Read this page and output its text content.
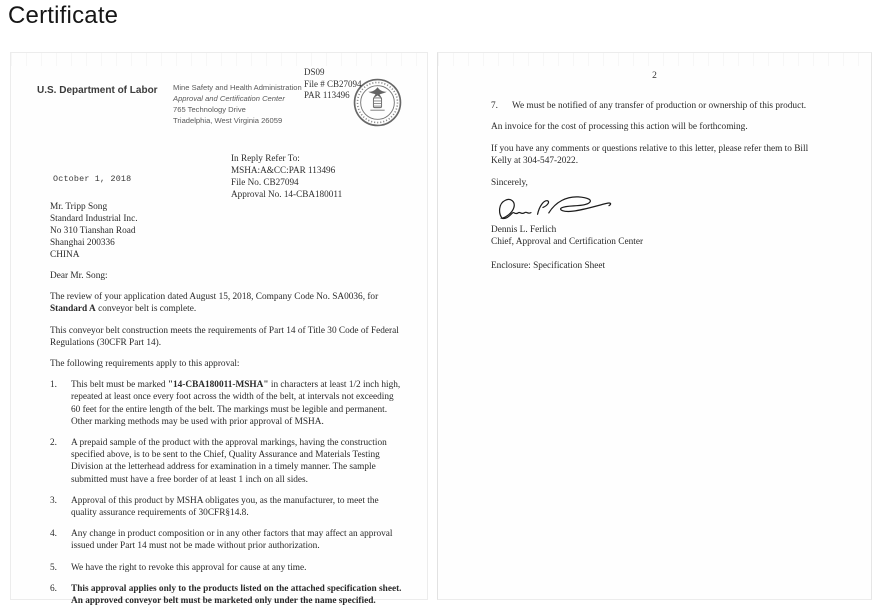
Certificate
U.S. Department of Labor Mine Safety and Health Administration
Approval and Certification Center
765 Technology Drive
Triadelphia, West Virginia 26059
DS09
File # CB27094
PAR 113496
In Reply Refer To:
MSHA:A&CC:PAR 113496
File No. CB27094
Approval No. 14-CBA180011
October 1, 2018
Mr. Tripp Song
Standard Industrial Inc.
No 310 Tianshan Road
Shanghai 200336
CHINA
Dear Mr. Song:
The review of your application dated August 15, 2018, Company Code No. SA0036, for Standard A conveyor belt is complete.
This conveyor belt construction meets the requirements of Part 14 of Title 30 Code of Federal Regulations (30CFR Part 14).
The following requirements apply to this approval:
1.	This belt must be marked "14-CBA180011-MSHA" in characters at least 1/2 inch high, repeated at least once every foot across the width of the belt, at intervals not exceeding 60 feet for the entire length of the belt. The markings must be legible and permanent. Other marking methods may be used with prior approval of MSHA.
2.	A prepaid sample of the product with the approval markings, having the construction specified above, is to be sent to the Chief, Quality Assurance and Materials Testing Division at the letterhead address for examination in a timely manner. The sample submitted must have a free border of at least 1 inch on all sides.
3.	Approval of this product by MSHA obligates you, as the manufacturer, to meet the quality assurance requirements of 30CFR§14.8.
4.	Any change in product composition or in any other factors that may affect an approval issued under Part 14 must not be made without prior authorization.
5.	We have the right to revoke this approval for cause at any time.
6.	This approval applies only to the products listed on the attached specification sheet. An approved conveyor belt must be marketed only under the name specified.
2
7.	We must be notified of any transfer of production or ownership of this product.
An invoice for the cost of processing this action will be forthcoming.
If you have any comments or questions relative to this letter, please refer them to Bill Kelly at 304-547-2022.
Sincerely,
Dennis L. Ferlich
Chief, Approval and Certification Center
Enclosure: Specification Sheet
